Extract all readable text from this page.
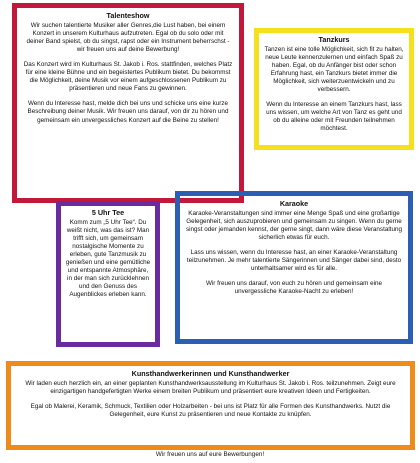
Talenteshow

Wir suchen talentierte Musiker aller Genres,die Lust haben, bei einem Konzert in unserem Kulturhaus aufzutreten. Egal ob du solo oder mit deiner Band spielst, ob du singst, rapst oder ein Instrument beherrschst - wir freuen uns auf deine Bewerbung!

Das Konzert wird im Kulturhaus St. Jakob i. Ros. stattfinden, welches Platz für eine kleine Bühne und ein begeistertes Publikum bietet. Du bekommst die Möglichkeit, deine Musik vor einem aufgeschlossenen Publikum zu präsentieren und neue Fans zu gewinnen.

Wenn du Interesse hast, melde dich bei uns und schicke uns eine kurze Beschreibung deiner Musik. Wir freuen uns darauf, von dir zu hören und gemeinsam ein unvergessliches Konzert auf die Beine zu stellen!

Tanzkurs

Tanzen ist eine tolle Möglichkeit, sich fit zu halten, neue Leute kennenzulernen und einfach Spaß zu haben. Egal, ob du Anfänger bist oder schon Erfahrung hast, ein Tanzkurs bietet immer die Möglichkeit, sich weiterzuentwickeln und zu verbessern.

Wenn du Interesse an einem Tanzkurs hast, lass uns wissen, um welche Art von Tanz es geht und ob du alleine oder mit Freunden teilnehmen möchtest.

5 Uhr Tee

Komm zum „5 Uhr Tee“. Du weißt nicht, was das ist? Man trifft sich, um gemeinsam nostalgische Momente zu erleben, gute Tanzmusik zu genießen und eine gemütliche und entspannte Atmosphäre, in der man sich zurücklehnen und den Genuss des Augenblickes erleben kann.

Karaoke

Karaoke-Veranstaltungen sind immer eine Menge Spaß und eine großartige Gelegenheit, sich auszuprobieren und gemeinsam zu singen. Wenn du gerne singst oder jemanden kennst, der gerne singt, dann wäre diese Veranstaltung sicherlich etwas für euch.

Lass uns wissen, wenn du Interesse hast, an einer Karaoke-Veranstaltung teilzunehmen. Je mehr talentierte Sängerinnen und Sänger dabei sind, desto unterhaltsamer wird es für alle.

Wir freuen uns darauf, von euch zu hören und gemeinsam eine unvergessliche Karaoke-Nacht zu erleben!

Kunsthandwerkerinnen und Kunsthandwerker

Wir laden euch herzlich ein, an einer geplanten Kunsthandwerksausstellung im Kulturhaus St. Jakob i. Ros. teilzunehmen. Zeigt eure einzigartigen handgefertigten Werke einem breiten Publikum und präsentiert eure kreativen Ideen und Fertigkeiten.

Egal ob Malerei, Keramik, Schmuck, Textilien oder Holzarbeiten - bei uns ist Platz für alle Formen des Kunsthandwerks. Nutzt die Gelegenheit, eure Kunst zu präsentieren und neue Kontakte zu knüpfen.

Wir freuen uns auf eure Bewerbungen!
